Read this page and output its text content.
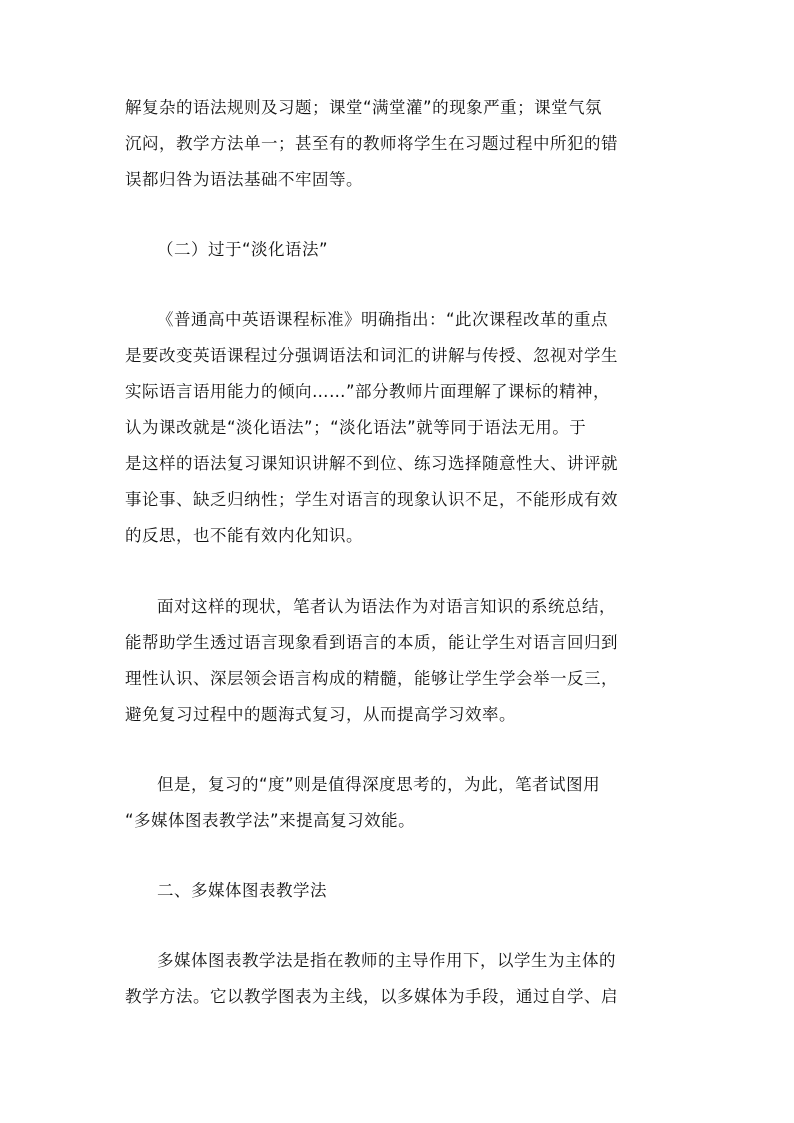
解复杂的语法规则及习题；课堂“满堂灌”的现象严重；课堂气氛
沉闷，教学方法单一；甚至有的教师将学生在习题过程中所犯的错
误都归咎为语法基础不牢固等。
（二）过于“淡化语法”
《普通高中英语课程标准》明确指出：“此次课程改革的重点
是要改变英语课程过分强调语法和词汇的讲解与传授、忽视对学生
实际语言语用能力的倾向……”部分教师片面理解了课标的精神，
认为课改就是“淡化语法”；“淡化语法”就等同于语法无用。于
是这样的语法复习课知识讲解不到位、练习选择随意性大、讲评就
事论事、缺乏归纳性；学生对语言的现象认识不足，不能形成有效
的反思，也不能有效内化知识。
面对这样的现状，笔者认为语法作为对语言知识的系统总结，
能帮助学生透过语言现象看到语言的本质，能让学生对语言回归到
理性认识、深层领会语言构成的精髓，能够让学生学会举一反三，
避免复习过程中的题海式复习，从而提高学习效率。
但是，复习的“度”则是值得深度思考的，为此，笔者试图用
“多媒体图表教学法”来提高复习效能。
二、多媒体图表教学法
多媒体图表教学法是指在教师的主导作用下，以学生为主体的
教学方法。它以教学图表为主线，以多媒体为手段，通过自学、启
